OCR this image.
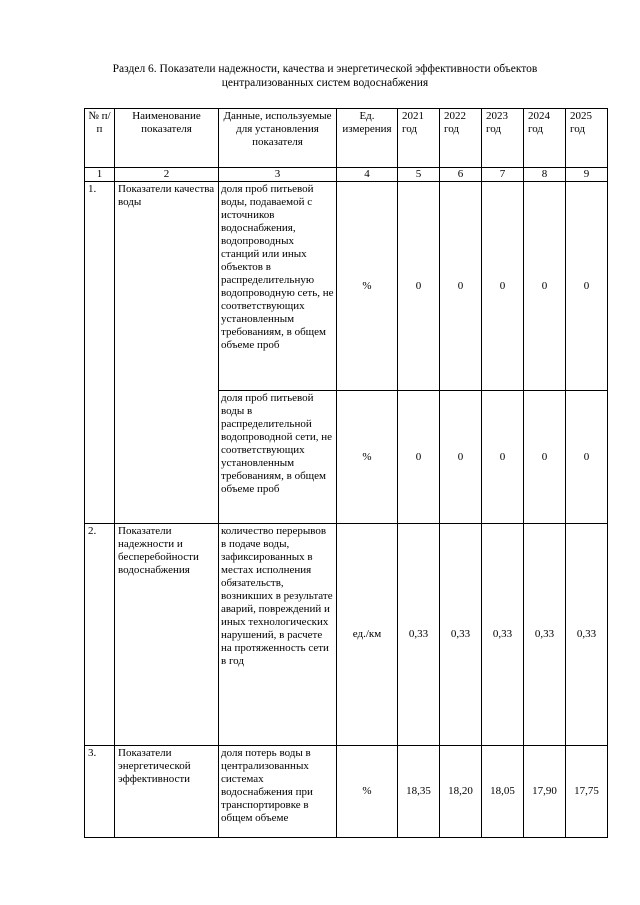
Раздел 6. Показатели надежности, качества и энергетической эффективности объектов
централизованных систем водоснабжения
№ п/п	Наименование показателя	Данные, используемые для установления показателя	Ед. измерения	2021 год	2022 год	2023 год	2024 год	2025 год
1	2	3	4	5	6	7	8	9
1.	Показатели качества воды	доля проб питьевой воды, подаваемой с источников водоснабжения, водопроводных станций или иных объектов в распределительную водопроводную сеть, не соответствующих установленным требованиям, в общем объеме проб	%	0	0	0	0	0
		доля проб питьевой воды в распределительной водопроводной сети, не соответствующих установленным требованиям, в общем объеме проб	%	0	0	0	0	0
2.	Показатели надежности и бесперебойности водоснабжения	количество перерывов в подаче воды, зафиксированных в местах исполнения обязательств, возникших в результате аварий, повреждений и иных технологических нарушений, в расчете на протяженность сети в год	ед./км	0,33	0,33	0,33	0,33	0,33
3.	Показатели энергетической эффективности	доля потерь воды в централизованных системах водоснабжения при транспортировке в общем объеме	%	18,35	18,20	18,05	17,90	17,75
